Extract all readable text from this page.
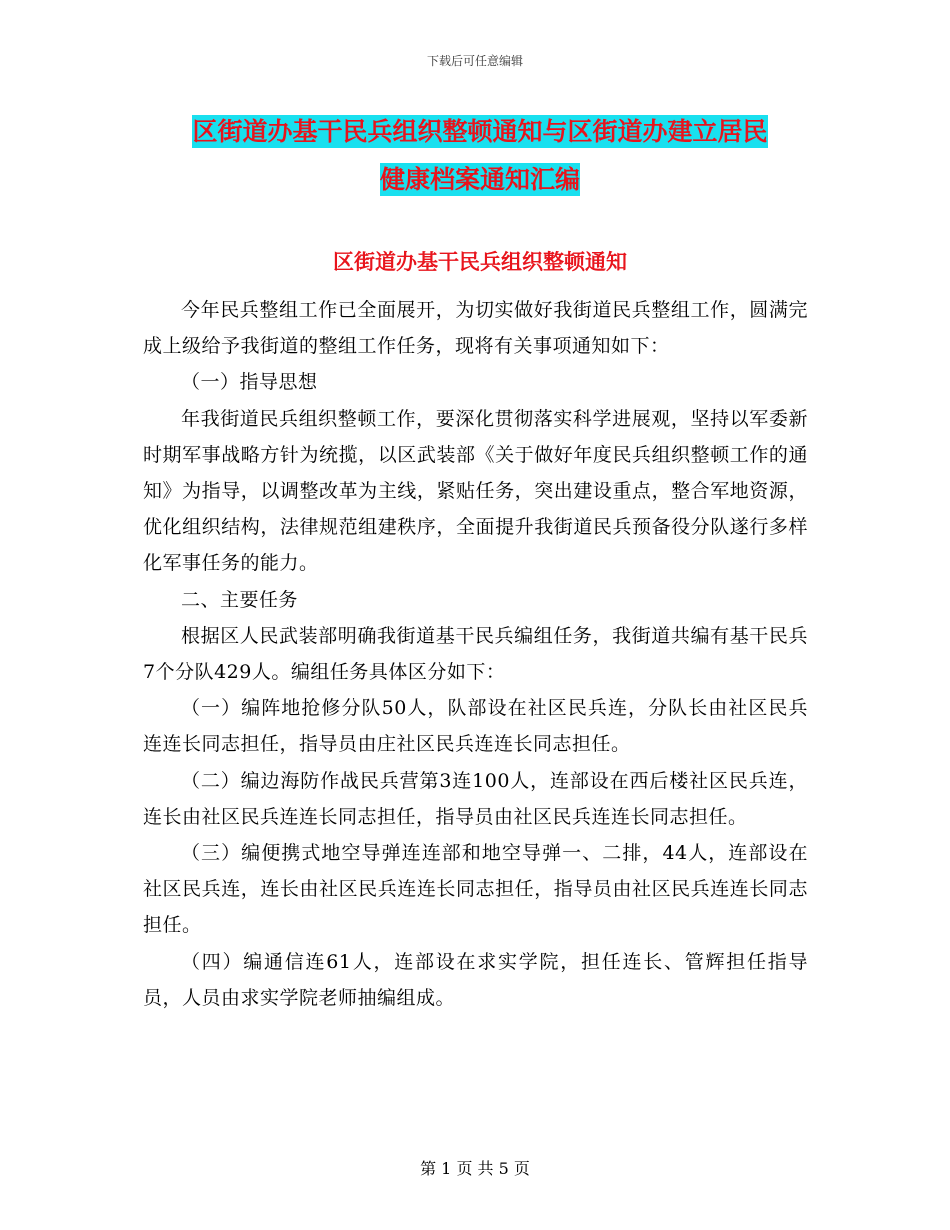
下载后可任意编辑
区街道办基干民兵组织整顿通知与区街道办建立居民
健康档案通知汇编
区街道办基干民兵组织整顿通知

今年民兵整组工作已全面展开，为切实做好我街道民兵整组工作，圆满完成上级给予我街道的整组工作任务，现将有关事项通知如下：

（一）指导思想

年我街道民兵组织整顿工作，要深化贯彻落实科学进展观，坚持以军委新时期军事战略方针为统揽，以区武装部《关于做好年度民兵组织整顿工作的通知》为指导，以调整改革为主线，紧贴任务，突出建设重点，整合军地资源，优化组织结构，法律规范组建秩序，全面提升我街道民兵预备役分队遂行多样化军事任务的能力。

二、主要任务

根据区人民武装部明确我街道基干民兵编组任务，我街道共编有基干民兵7个分队429人。编组任务具体区分如下：

（一）编阵地抢修分队50人，队部设在社区民兵连，分队长由社区民兵连连长同志担任，指导员由庄社区民兵连连长同志担任。

（二）编边海防作战民兵营第3连100人，连部设在西后楼社区民兵连，连长由社区民兵连连长同志担任，指导员由社区民兵连连长同志担任。

（三）编便携式地空导弹连连部和地空导弹一、二排，44人，连部设在社区民兵连，连长由社区民兵连连长同志担任，指导员由社区民兵连连长同志担任。

（四）编通信连61人，连部设在求实学院，担任连长、管辉担任指导员，人员由求实学院老师抽编组成。

第 1 页 共 5 页
